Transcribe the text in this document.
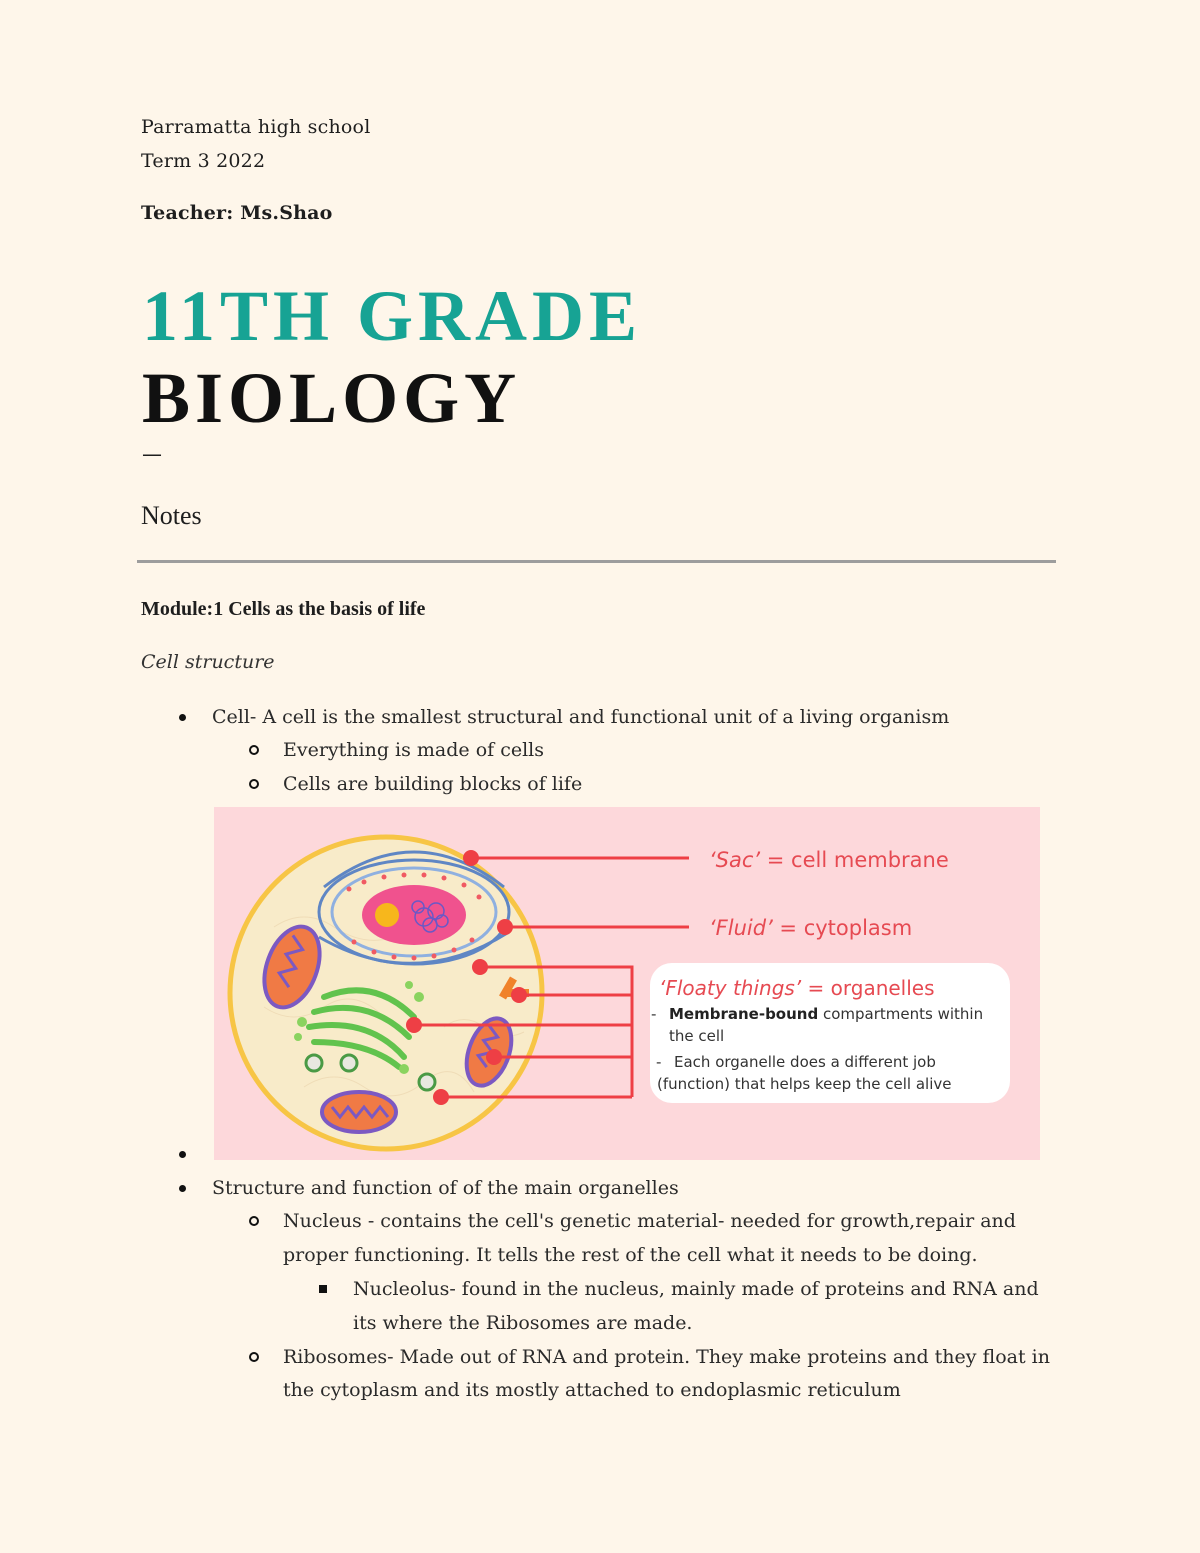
Parramatta high school
Term 3 2022
Teacher: Ms.Shao
11TH GRADE
BIOLOGY
—
Notes
Module:1 Cells as the basis of life
Cell structure
Cell- A cell is the smallest structural and functional unit of a living organism
Everything is made of cells
Cells are building blocks of life
‘Sac’ = cell membrane
‘Fluid’ = cytoplasm
‘Floaty things’ = organelles
- Membrane-bound compartments within
the cell
- Each organelle does a different job
(function) that helps keep the cell alive
Structure and function of of the main organelles
Nucleus - contains the cell's genetic material- needed for growth,repair and
proper functioning. It tells the rest of the cell what it needs to be doing.
Nucleolus- found in the nucleus, mainly made of proteins and RNA and
its where the Ribosomes are made.
Ribosomes- Made out of RNA and protein. They make proteins and they float in
the cytoplasm and its mostly attached to endoplasmic reticulum
